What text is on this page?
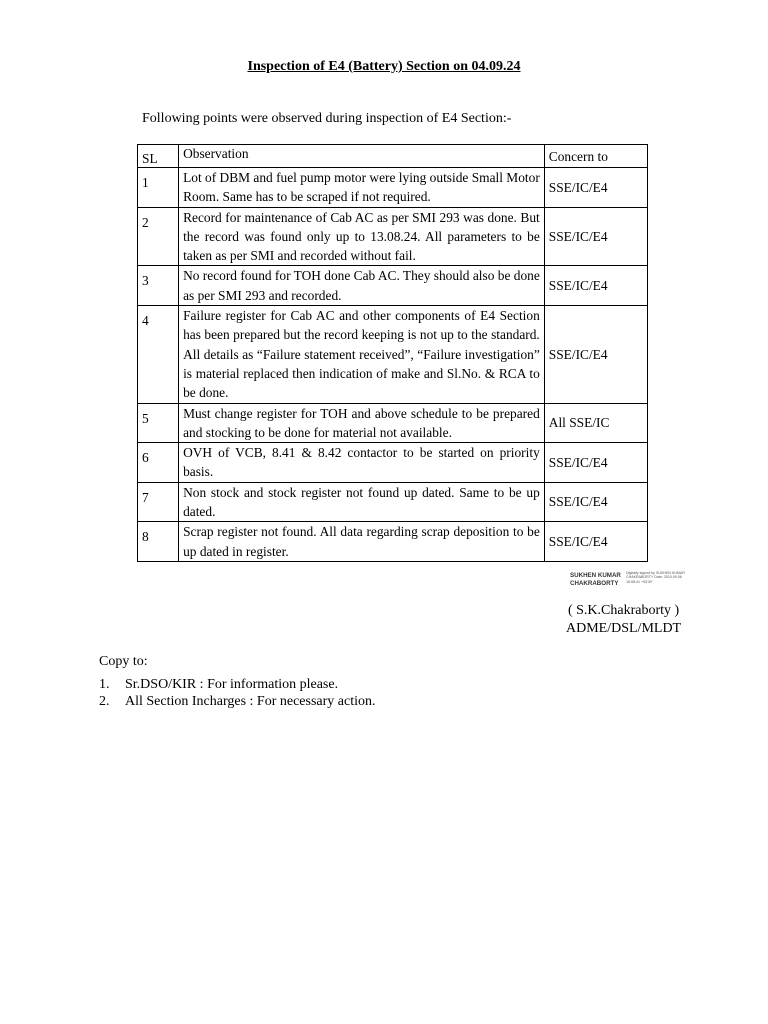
Inspection of E4 (Battery) Section on 04.09.24

Following points were observed during inspection of E4 Section:-

SL	Observation	Concern to
1	Lot of DBM and fuel pump motor were lying outside Small Motor Room. Same has to be scraped if not required.	SSE/IC/E4
2	Record for maintenance of Cab AC as per SMI 293 was done. But the record was found only up to 13.08.24. All parameters to be taken as per SMI and recorded without fail.	SSE/IC/E4
3	No record found for TOH done Cab AC. They should also be done as per SMI 293 and recorded.	SSE/IC/E4
4	Failure register for Cab AC and other components of E4 Section has been prepared but the record keeping is not up to the standard. All details as “Failure statement received”, “Failure investigation” is material replaced then indication of make and Sl.No. & RCA to be done.	SSE/IC/E4
5	Must change register for TOH and above schedule to be prepared and stocking to be done for material not available.	All SSE/IC
6	OVH of VCB, 8.41 & 8.42 contactor to be started on priority basis.	SSE/IC/E4
7	Non stock and stock register not found up dated. Same to be up dated.	SSE/IC/E4
8	Scrap register not found. All data regarding scrap deposition to be up dated in register.	SSE/IC/E4
SUKHEN KUMAR CHAKRABORTY
Digitally signed by SUKHEN KUMAR CHAKRABORTY Date: 2024.09.06 16:08:41 +05'30'
( S.K.Chakraborty )
ADME/DSL/MLDT

Copy to:

1. Sr.DSO/KIR : For information please.
2. All Section Incharges : For necessary action.
